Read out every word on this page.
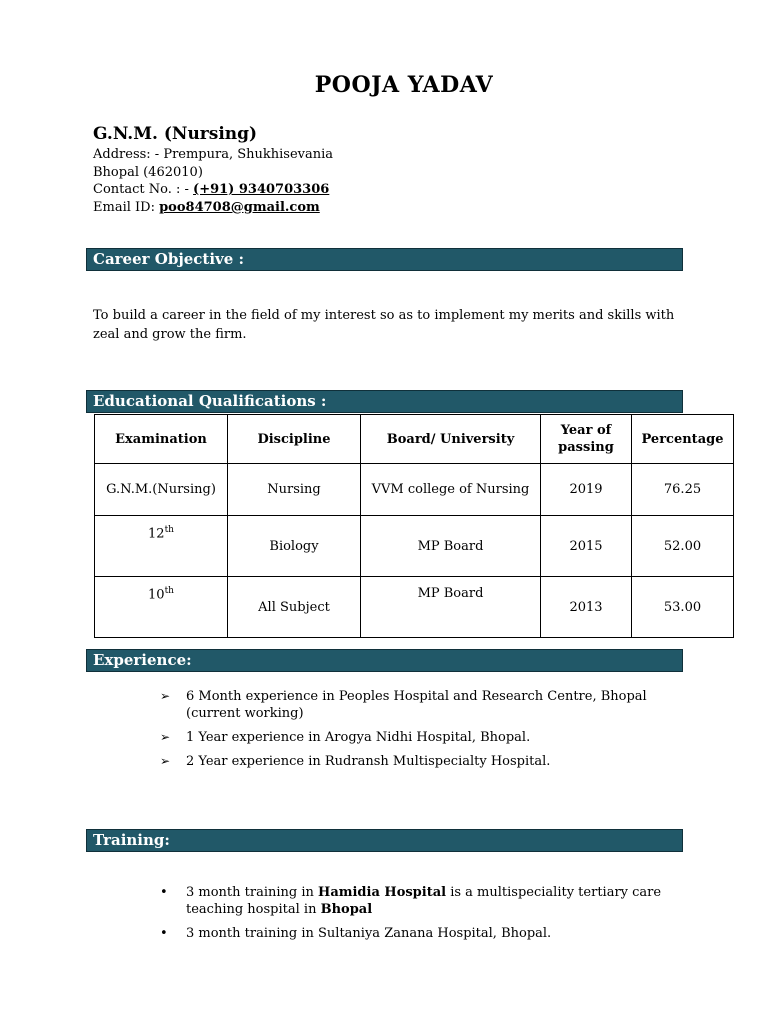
POOJA YADAV
G.N.M. (Nursing)
Address: - Prempura, Shukhisevania
Bhopal (462010)
Contact No. : - (+91) 9340703306
Email ID: poo84708@gmail.com
Career Objective :
To build a career in the field of my interest so as to implement my merits and skills with zeal and grow the firm.
Educational Qualifications :
Examination	Discipline	Board/ University	Year of passing	Percentage
G.N.M.(Nursing)	Nursing	VVM college of Nursing	2019	76.25
12th	Biology	MP Board	2015	52.00
10th	All Subject	MP Board	2013	53.00
Experience:
➢	6 Month experience in Peoples Hospital and Research Centre, Bhopal (current working)
➢	1 Year experience in Arogya Nidhi Hospital, Bhopal.
➢	2 Year experience in Rudransh Multispecialty Hospital.
Training:
•	3 month training in Hamidia Hospital is a multispeciality tertiary care teaching hospital in Bhopal
•	3 month training in Sultaniya Zanana Hospital, Bhopal.
